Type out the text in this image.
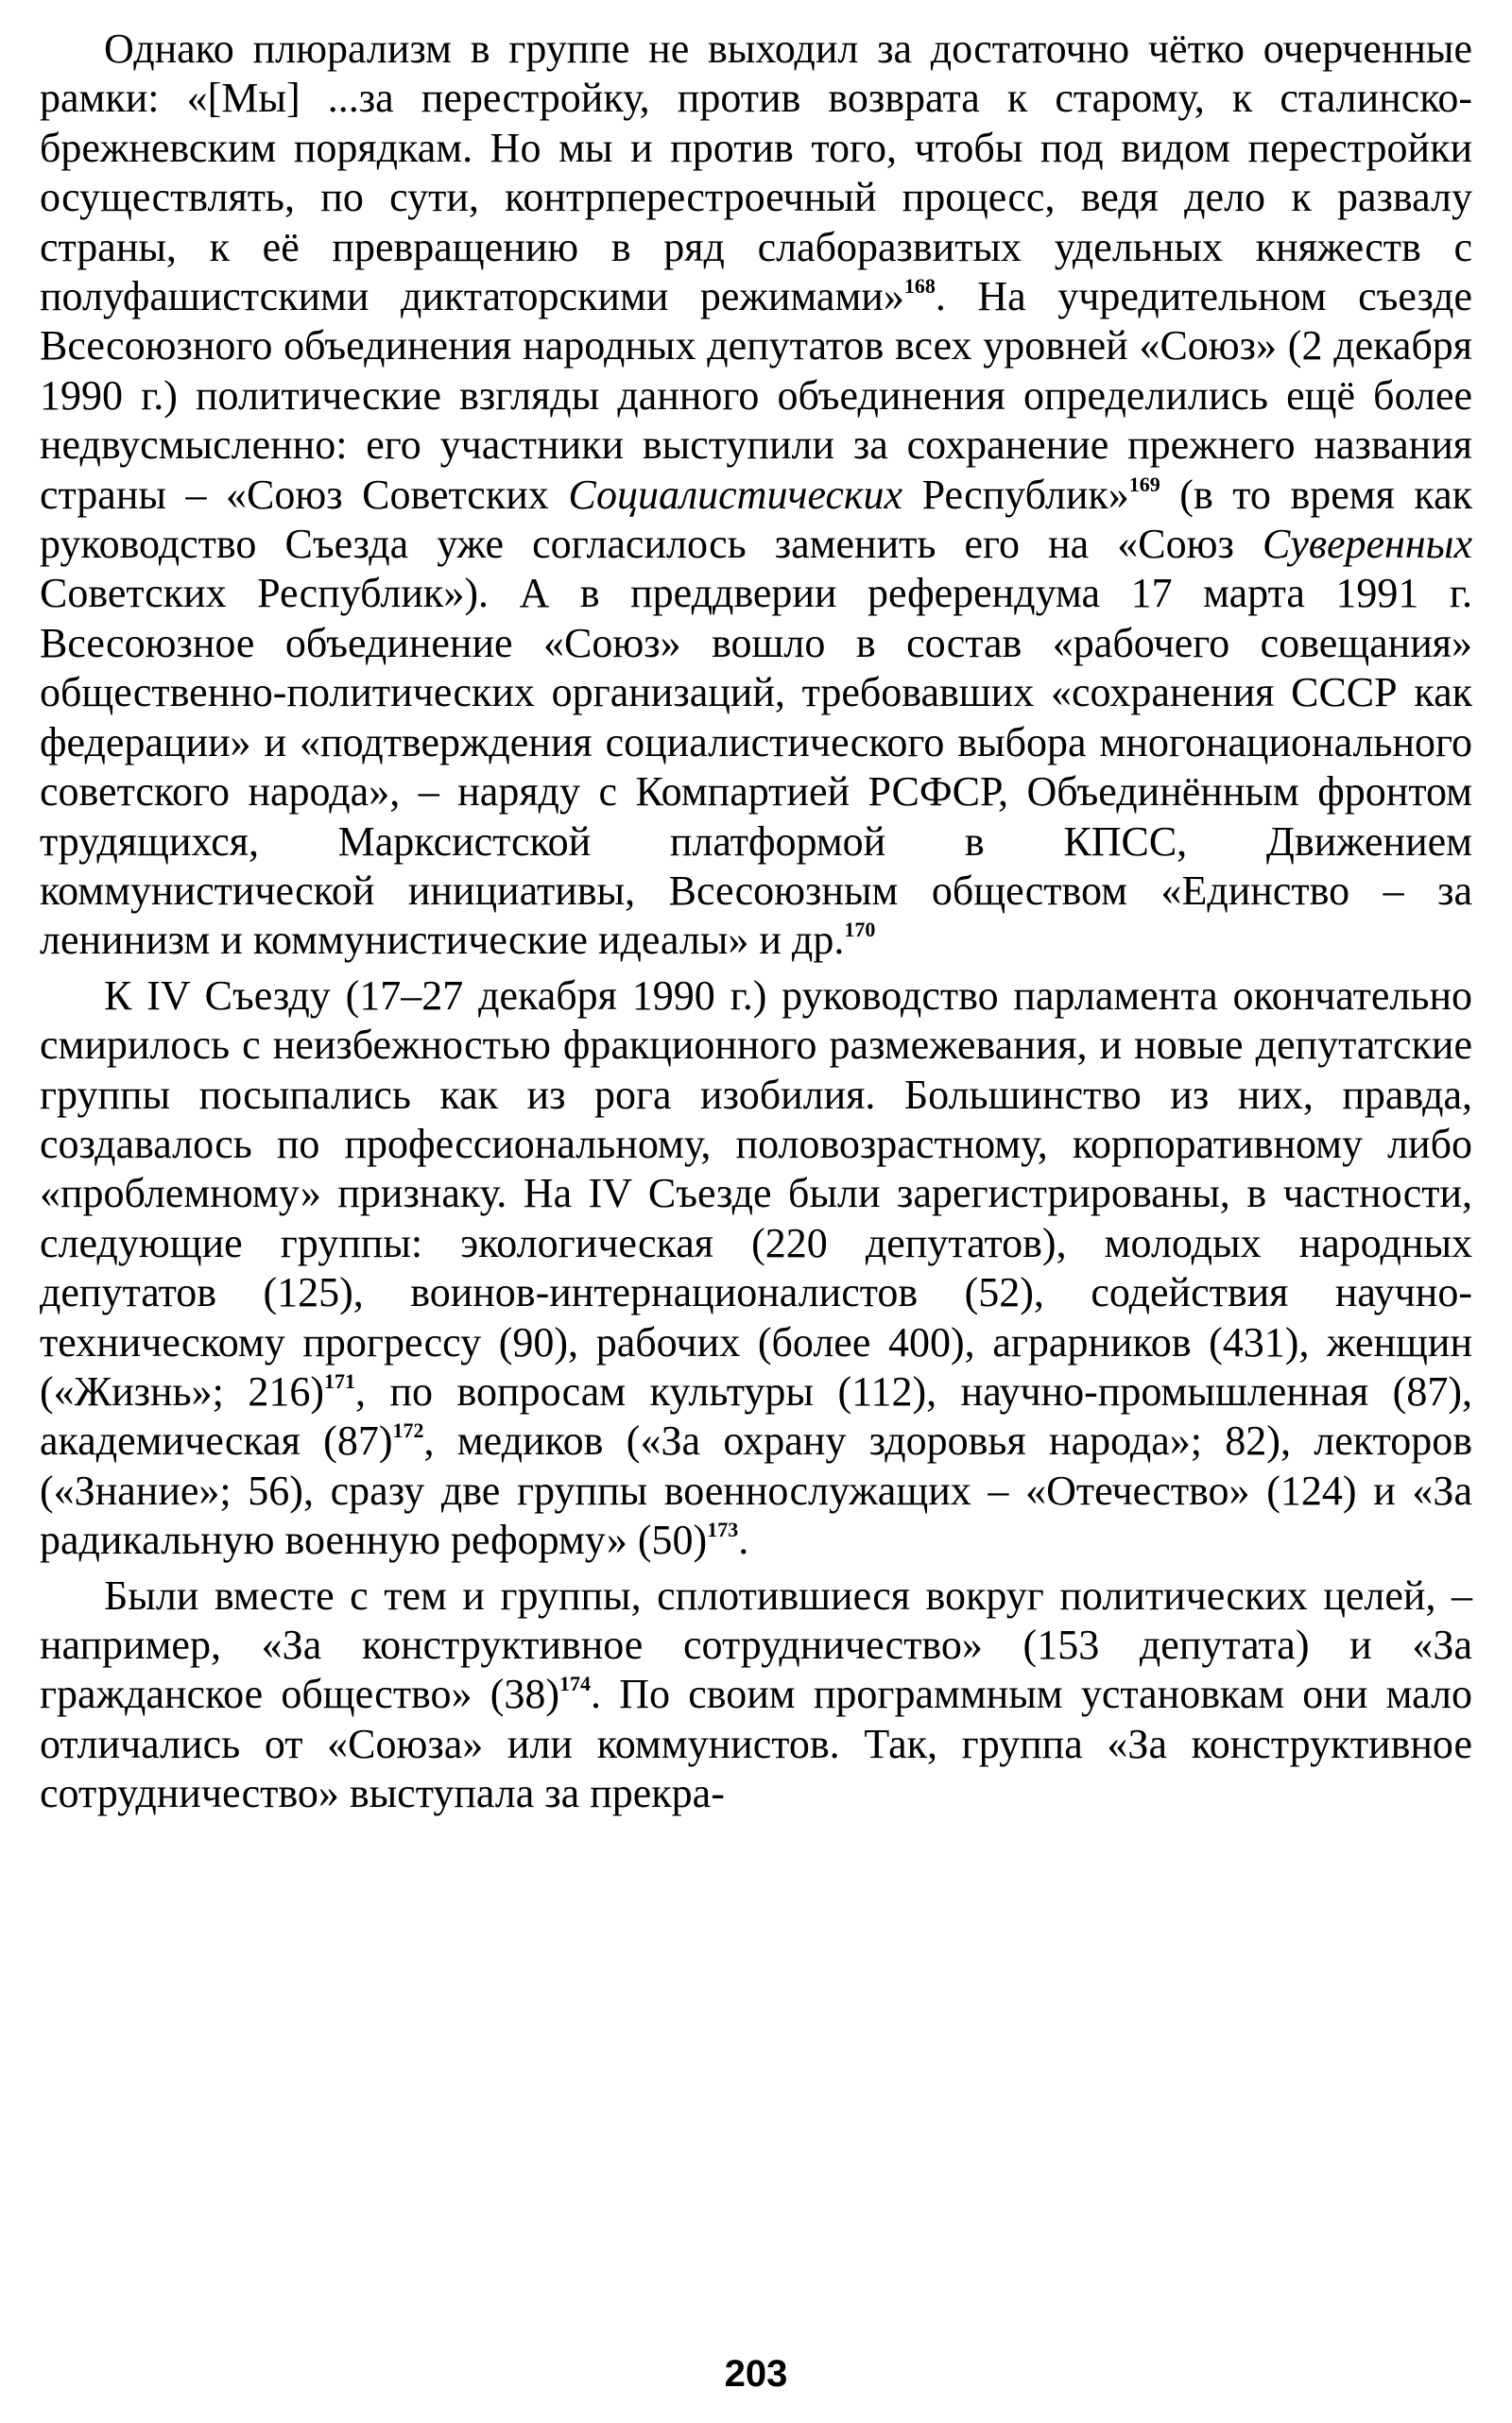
Однако плюрализм в группе не выходил за достаточно чётко очерченные рамки: «[Мы] ...за перестройку, против возврата к старому, к сталинско-брежневским порядкам. Но мы и против того, чтобы под видом перестройки осуществлять, по сути, контрперестроечный процесс, ведя дело к развалу страны, к её превращению в ряд слаборазвитых удельных княжеств с полуфашистскими диктаторскими режимами»$^{168}$. На учредительном съезде Всесоюзного объединения народных депутатов всех уровней «Союз» (2 декабря 1990 г.) политические взгляды данного объединения определились ещё более недвусмысленно: его участники выступили за сохранение прежнего названия страны – «Союз Советских Социалистических Республик»$^{169}$ (в то время как руководство Съезда уже согласилось заменить его на «Союз Суверенных Советских Республик»). А в преддверии референдума 17 марта 1991 г. Всесоюзное объединение «Союз» вошло в состав «рабочего совещания» общественно-политических организаций, требовавших «сохранения СССР как федерации» и «подтверждения социалистического выбора многонационального советского народа», – наряду с Компартией РСФСР, Объединённым фронтом трудящихся, Марксистской платформой в КПСС, Движением коммунистической инициативы, Всесоюзным обществом «Единство – за ленинизм и коммунистические идеалы» и др.$^{170}$

К IV Съезду (17–27 декабря 1990 г.) руководство парламента окончательно смирилось с неизбежностью фракционного размежевания, и новые депутатские группы посыпались как из рога изобилия. Большинство из них, правда, создавалось по профессиональному, половозрастному, корпоративному либо «проблемному» признаку. На IV Съезде были зарегистрированы, в частности, следующие группы: экологическая (220 депутатов), молодых народных депутатов (125), воинов-интернационалистов (52), содействия научно-техническому прогрессу (90), рабочих (более 400), аграрников (431), женщин («Жизнь»; 216)$^{171}$, по вопросам культуры (112), научно-промышленная (87), академическая (87)$^{172}$, медиков («За охрану здоровья народа»; 82), лекторов («Знание»; 56), сразу две группы военнослужащих – «Отечество» (124) и «За радикальную военную реформу» (50)$^{173}$.

Были вместе с тем и группы, сплотившиеся вокруг политических целей, – например, «За конструктивное сотрудничество» (153 депутата) и «За гражданское общество» (38)$^{174}$. По своим программным установкам они мало отличались от «Союза» или коммунистов. Так, группа «За конструктивное сотрудничество» выступала за прекра-

203
